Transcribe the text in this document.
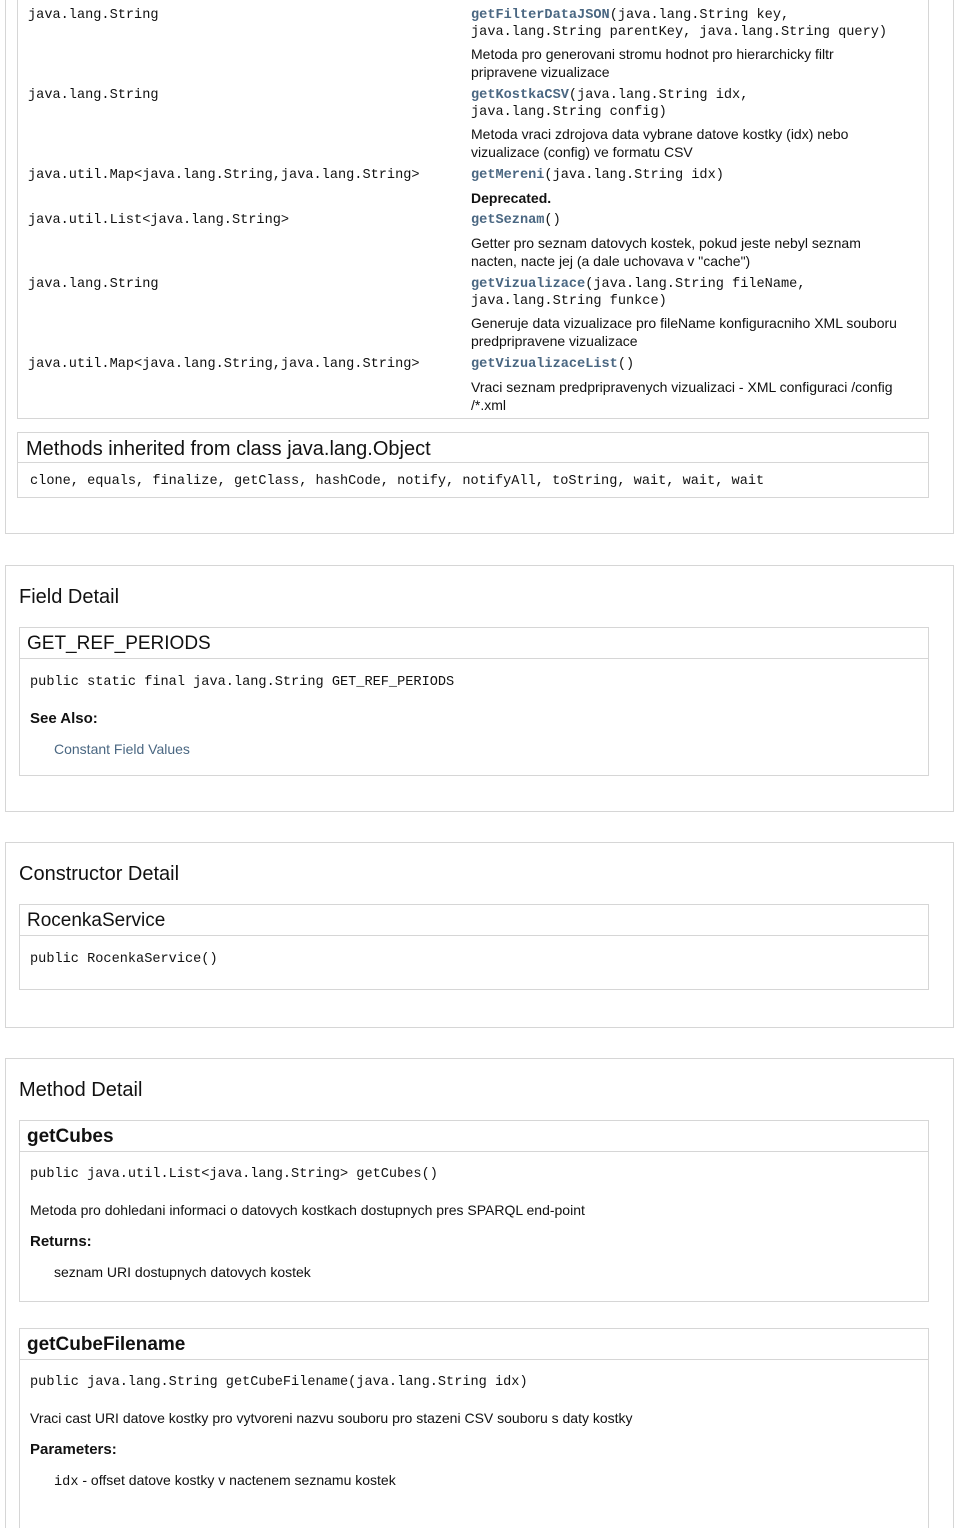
java.lang.String	getFilterDataJSON(java.lang.String key,
java.lang.String parentKey, java.lang.String query)
Metoda pro generovani stromu hodnot pro hierarchicky filtr
pripravene vizualizace
java.lang.String	getKostkaCSV(java.lang.String idx,
java.lang.String config)
Metoda vraci zdrojova data vybrane datove kostky (idx) nebo
vizualizace (config) ve formatu CSV
java.util.Map<java.lang.String,java.lang.String>	getMereni(java.lang.String idx)
Deprecated.
java.util.List<java.lang.String>	getSeznam()
Getter pro seznam datovych kostek, pokud jeste nebyl seznam
nacten, nacte jej (a dale uchovava v "cache")
java.lang.String	getVizualizace(java.lang.String fileName,
java.lang.String funkce)
Generuje data vizualizace pro fileName konfiguracniho XML souboru
predpripravene vizualizace
java.util.Map<java.lang.String,java.lang.String>	getVizualizaceList()
Vraci seznam predpripravenych vizualizaci - XML configuraci /config
/*.xml
Methods inherited from class java.lang.Object
clone, equals, finalize, getClass, hashCode, notify, notifyAll, toString, wait, wait, wait
Field Detail
GET_REF_PERIODS
public static final java.lang.String GET_REF_PERIODS
See Also:
Constant Field Values
Constructor Detail
RocenkaService
public RocenkaService()
Method Detail
getCubes
public java.util.List<java.lang.String> getCubes()
Metoda pro dohledani informaci o datovych kostkach dostupnych pres SPARQL end-point
Returns:
seznam URI dostupnych datovych kostek
getCubeFilename
public java.lang.String getCubeFilename(java.lang.String idx)
Vraci cast URI datove kostky pro vytvoreni nazvu souboru pro stazeni CSV souboru s daty kostky
Parameters:
idx - offset datove kostky v nactenem seznamu kostek
